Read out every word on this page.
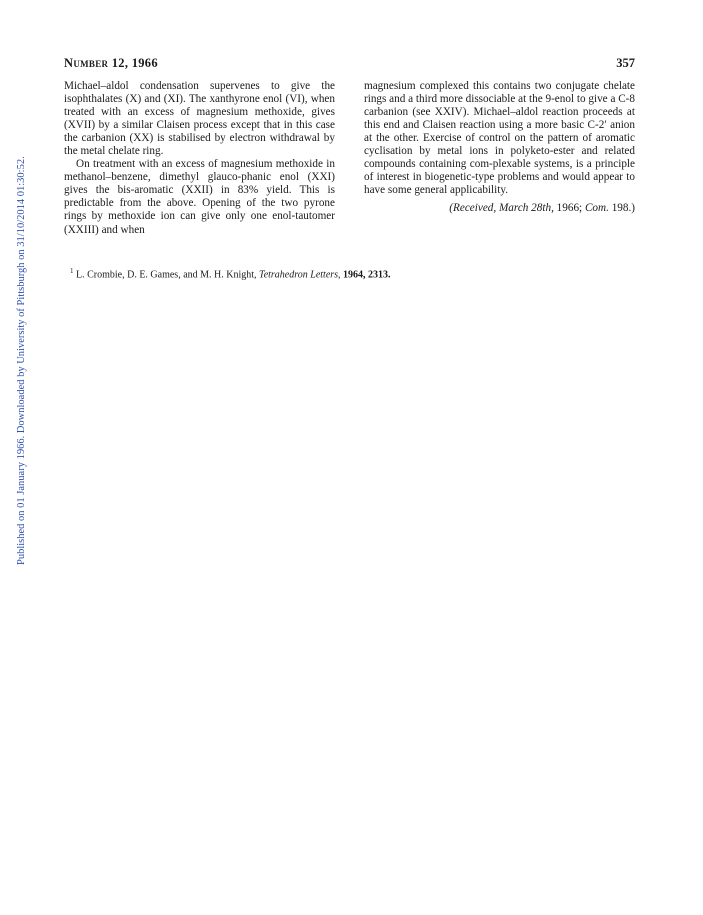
Published on 01 January 1966. Downloaded by University of Pittsburgh on 31/10/2014 01:30:52.
Number 12, 1966	357

Michael–aldol condensation supervenes to give the isophthalates (X) and (XI). The xanthyrone enol (VI), when treated with an excess of magnesium methoxide, gives (XVII) by a similar Claisen process except that in this case the carbanion (XX) is stabilised by electron withdrawal by the metal chelate ring.

On treatment with an excess of magnesium methoxide in methanol–benzene, dimethyl glauco-phanic enol (XXI) gives the bis-aromatic (XXII) in 83% yield. This is predictable from the above. Opening of the two pyrone rings by methoxide ion can give only one enol-tautomer (XXIII) and when

magnesium complexed this contains two conjugate chelate rings and a third more dissociable at the 9-enol to give a C-8 carbanion (see XXIV). Michael–aldol reaction proceeds at this end and Claisen reaction using a more basic C-2′ anion at the other. Exercise of control on the pattern of aromatic cyclisation by metal ions in polyketo-ester and related compounds containing com-plexable systems, is a principle of interest in biogenetic-type problems and would appear to have some general applicability.

(Received, March 28th, 1966; Com. 198.)

$^1$ L. Crombie, D. E. Games, and M. H. Knight, Tetrahedron Letters, 1964, 2313.
